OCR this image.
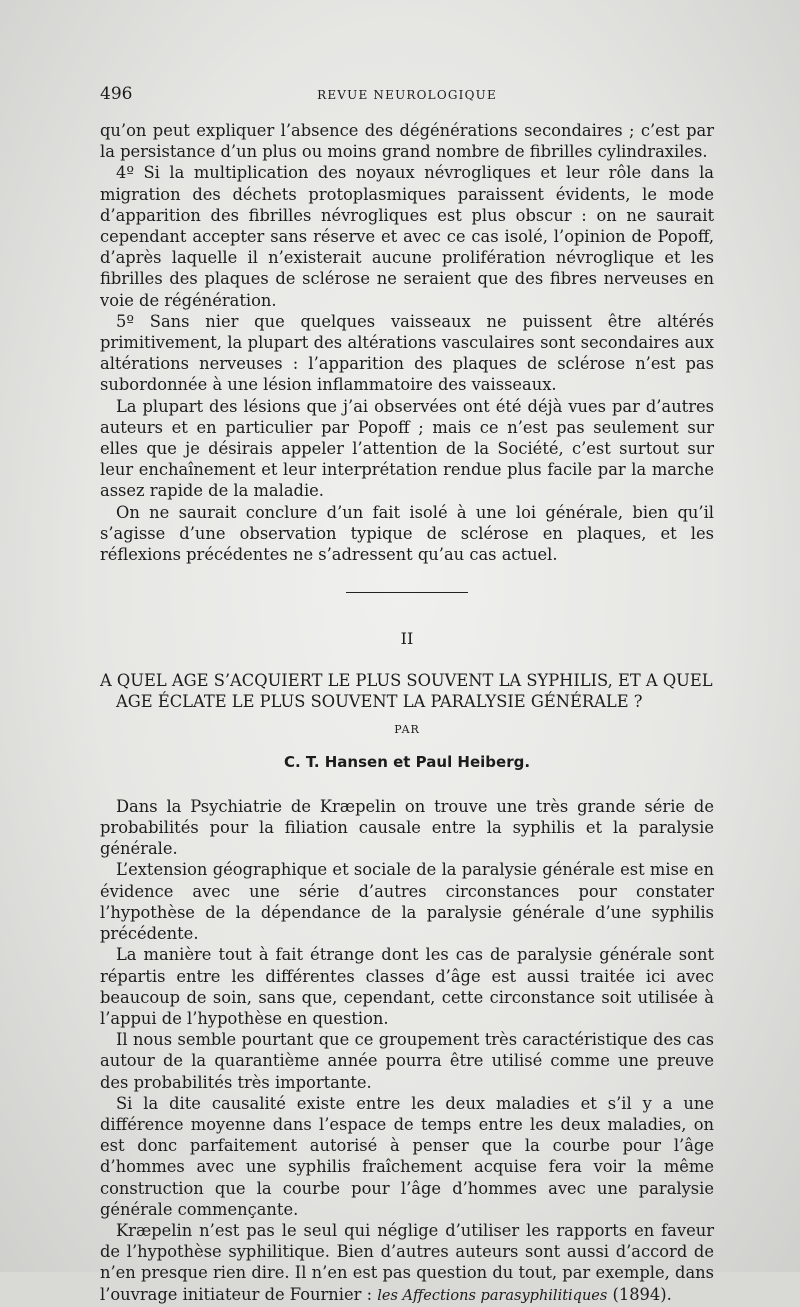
496	REVUE NEUROLOGIQUE

qu’on peut expliquer l’absence des dégénérations secondaires ; c’est par la persistance d’un plus ou moins grand nombre de fibrilles cylindraxiles.

4º Si la multiplication des noyaux névrogliques et leur rôle dans la migration des déchets protoplasmiques paraissent évidents, le mode d’apparition des fibrilles névrogliques est plus obscur : on ne saurait cependant accepter sans réserve et avec ce cas isolé, l’opinion de Popoff, d’après laquelle il n’existerait aucune prolifération névroglique et les fibrilles des plaques de sclérose ne seraient que des fibres nerveuses en voie de régénération.

5º Sans nier que quelques vaisseaux ne puissent être altérés primitivement, la plupart des altérations vasculaires sont secondaires aux altérations nerveuses : l’apparition des plaques de sclérose n’est pas subordonnée à une lésion inflammatoire des vaisseaux.

La plupart des lésions que j’ai observées ont été déjà vues par d’autres auteurs et en particulier par Popoff ; mais ce n’est pas seulement sur elles que je désirais appeler l’attention de la Société, c’est surtout sur leur enchaînement et leur interprétation rendue plus facile par la marche assez rapide de la maladie.

On ne saurait conclure d’un fait isolé à une loi générale, bien qu’il s’agisse d’une observation typique de sclérose en plaques, et les réflexions précédentes ne s’adressent qu’au cas actuel.

II
A QUEL AGE S’ACQUIERT LE PLUS SOUVENT LA SYPHILIS, ET A QUEL AGE ÉCLATE LE PLUS SOUVENT LA PARALYSIE GÉNÉRALE ?
PAR
C. T. Hansen et Paul Heiberg.

Dans la Psychiatrie de Kræpelin on trouve une très grande série de probabilités pour la filiation causale entre la syphilis et la paralysie générale.

L’extension géographique et sociale de la paralysie générale est mise en évidence avec une série d’autres circonstances pour constater l’hypothèse de la dépendance de la paralysie générale d’une syphilis précédente.

La manière tout à fait étrange dont les cas de paralysie générale sont répartis entre les différentes classes d’âge est aussi traitée ici avec beaucoup de soin, sans que, cependant, cette circonstance soit utilisée à l’appui de l’hypothèse en question.

Il nous semble pourtant que ce groupement très caractéristique des cas autour de la quarantième année pourra être utilisé comme une preuve des probabilités très importante.

Si la dite causalité existe entre les deux maladies et s’il y a une différence moyenne dans l’espace de temps entre les deux maladies, on est donc parfaitement autorisé à penser que la courbe pour l’âge d’hommes avec une syphilis fraîchement acquise fera voir la même construction que la courbe pour l’âge d’hommes avec une paralysie générale commençante.

Kræpelin n’est pas le seul qui néglige d’utiliser les rapports en faveur de l’hypothèse syphilitique. Bien d’autres auteurs sont aussi d’accord de n’en presque rien dire. Il n’en est pas question du tout, par exemple, dans l’ouvrage initiateur de Fournier : les Affections parasyphilitiques (1894).
